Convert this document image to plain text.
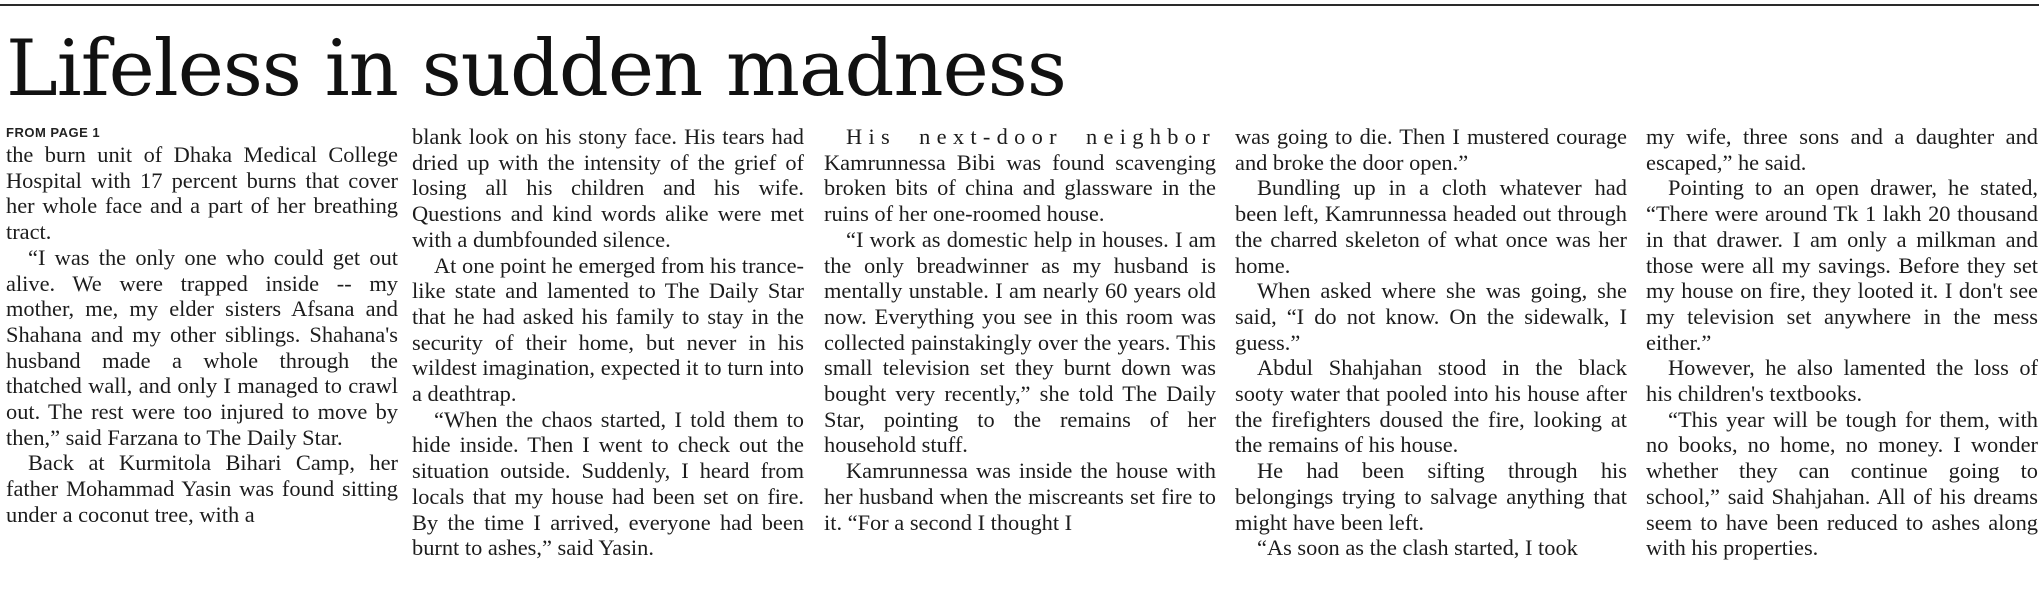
Lifeless in sudden madness
FROM PAGE 1

the burn unit of Dhaka Medical College Hospital with 17 percent burns that cover her whole face and a part of her breathing tract.

“I was the only one who could get out alive. We were trapped inside -- my mother, me, my elder sisters Afsana and Shahana and my other siblings. Shahana's husband made a whole through the thatched wall, and only I managed to crawl out. The rest were too injured to move by then,” said Farzana to The Daily Star.

Back at Kurmitola Bihari Camp, her father Mohammad Yasin was found sitting under a coconut tree, with a

blank look on his stony face. His tears had dried up with the intensity of the grief of losing all his children and his wife. Questions and kind words alike were met with a dumbfounded silence.

At one point he emerged from his trance-like state and lamented to The Daily Star that he had asked his family to stay in the security of their home, but never in his wildest imagination, expected it to turn into a deathtrap.

“When the chaos started, I told them to hide inside. Then I went to check out the situation outside. Suddenly, I heard from locals that my house had been set on fire. By the time I arrived, everyone had been burnt to ashes,” said Yasin.

His next-door neighbor Kamrunnessa Bibi was found scavenging broken bits of china and glassware in the ruins of her one-roomed house.

“I work as domestic help in houses. I am the only breadwinner as my husband is mentally unstable. I am nearly 60 years old now. Everything you see in this room was collected painstakingly over the years. This small television set they burnt down was bought very recently,” she told The Daily Star, pointing to the remains of her household stuff.

Kamrunnessa was inside the house with her husband when the miscreants set fire to it. “For a second I thought I

was going to die. Then I mustered courage and broke the door open.”

Bundling up in a cloth whatever had been left, Kamrunnessa headed out through the charred skeleton of what once was her home.

When asked where she was going, she said, “I do not know. On the sidewalk, I guess.”

Abdul Shahjahan stood in the black sooty water that pooled into his house after the firefighters doused the fire, looking at the remains of his house.

He had been sifting through his belongings trying to salvage anything that might have been left.

“As soon as the clash started, I took

my wife, three sons and a daughter and escaped,” he said.

Pointing to an open drawer, he stated, “There were around Tk 1 lakh 20 thousand in that drawer. I am only a milkman and those were all my savings. Before they set my house on fire, they looted it. I don't see my television set anywhere in the mess either.”

However, he also lamented the loss of his children's textbooks.

“This year will be tough for them, with no books, no home, no money. I wonder whether they can continue going to school,” said Shahjahan. All of his dreams seem to have been reduced to ashes along with his properties.
